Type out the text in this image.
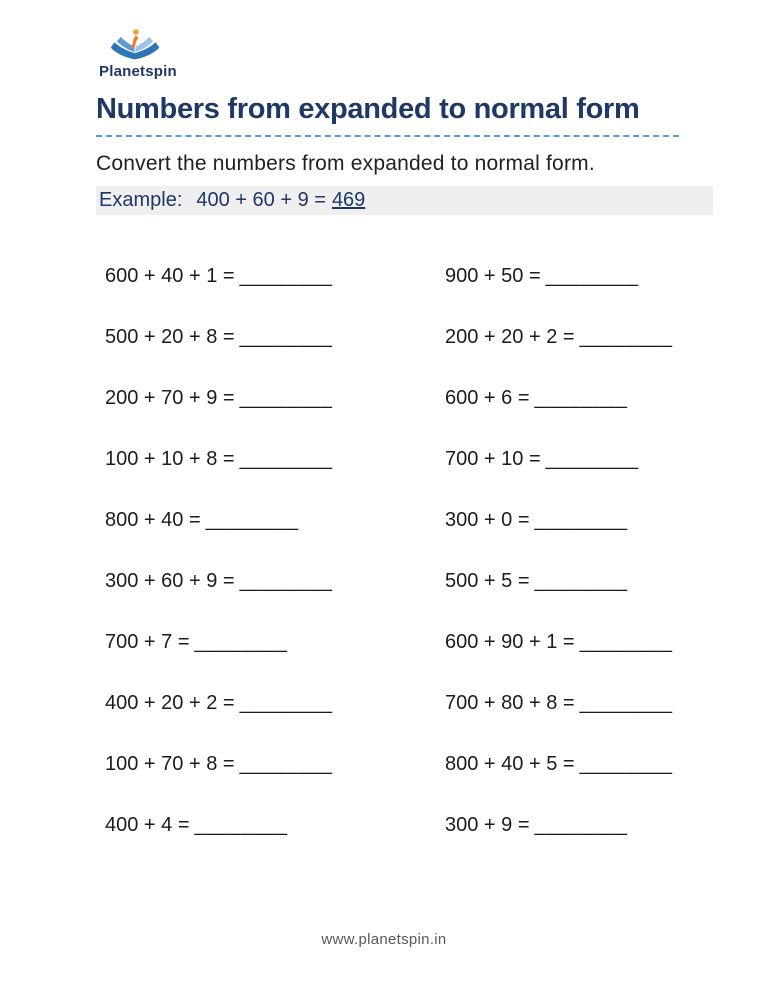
Planetspin
Numbers from expanded to normal form
Convert the numbers from expanded to normal form.
Example: 400 + 60 + 9 = 469
600 + 40 + 1 = ________
500 + 20 + 8 = ________
200 + 70 + 9 = ________
100 + 10 + 8 = ________
800 + 40 = ________
300 + 60 + 9 = ________
700 + 7 = ________
400 + 20 + 2 = ________
100 + 70 + 8 = ________
400 + 4 = ________
900 + 50 = ________
200 + 20 + 2 = ________
600 + 6 = ________
700 + 10 = ________
300 + 0 = ________
500 + 5 = ________
600 + 90 + 1 = ________
700 + 80 + 8 = ________
800 + 40 + 5 = ________
300 + 9 = ________
www.planetspin.in
